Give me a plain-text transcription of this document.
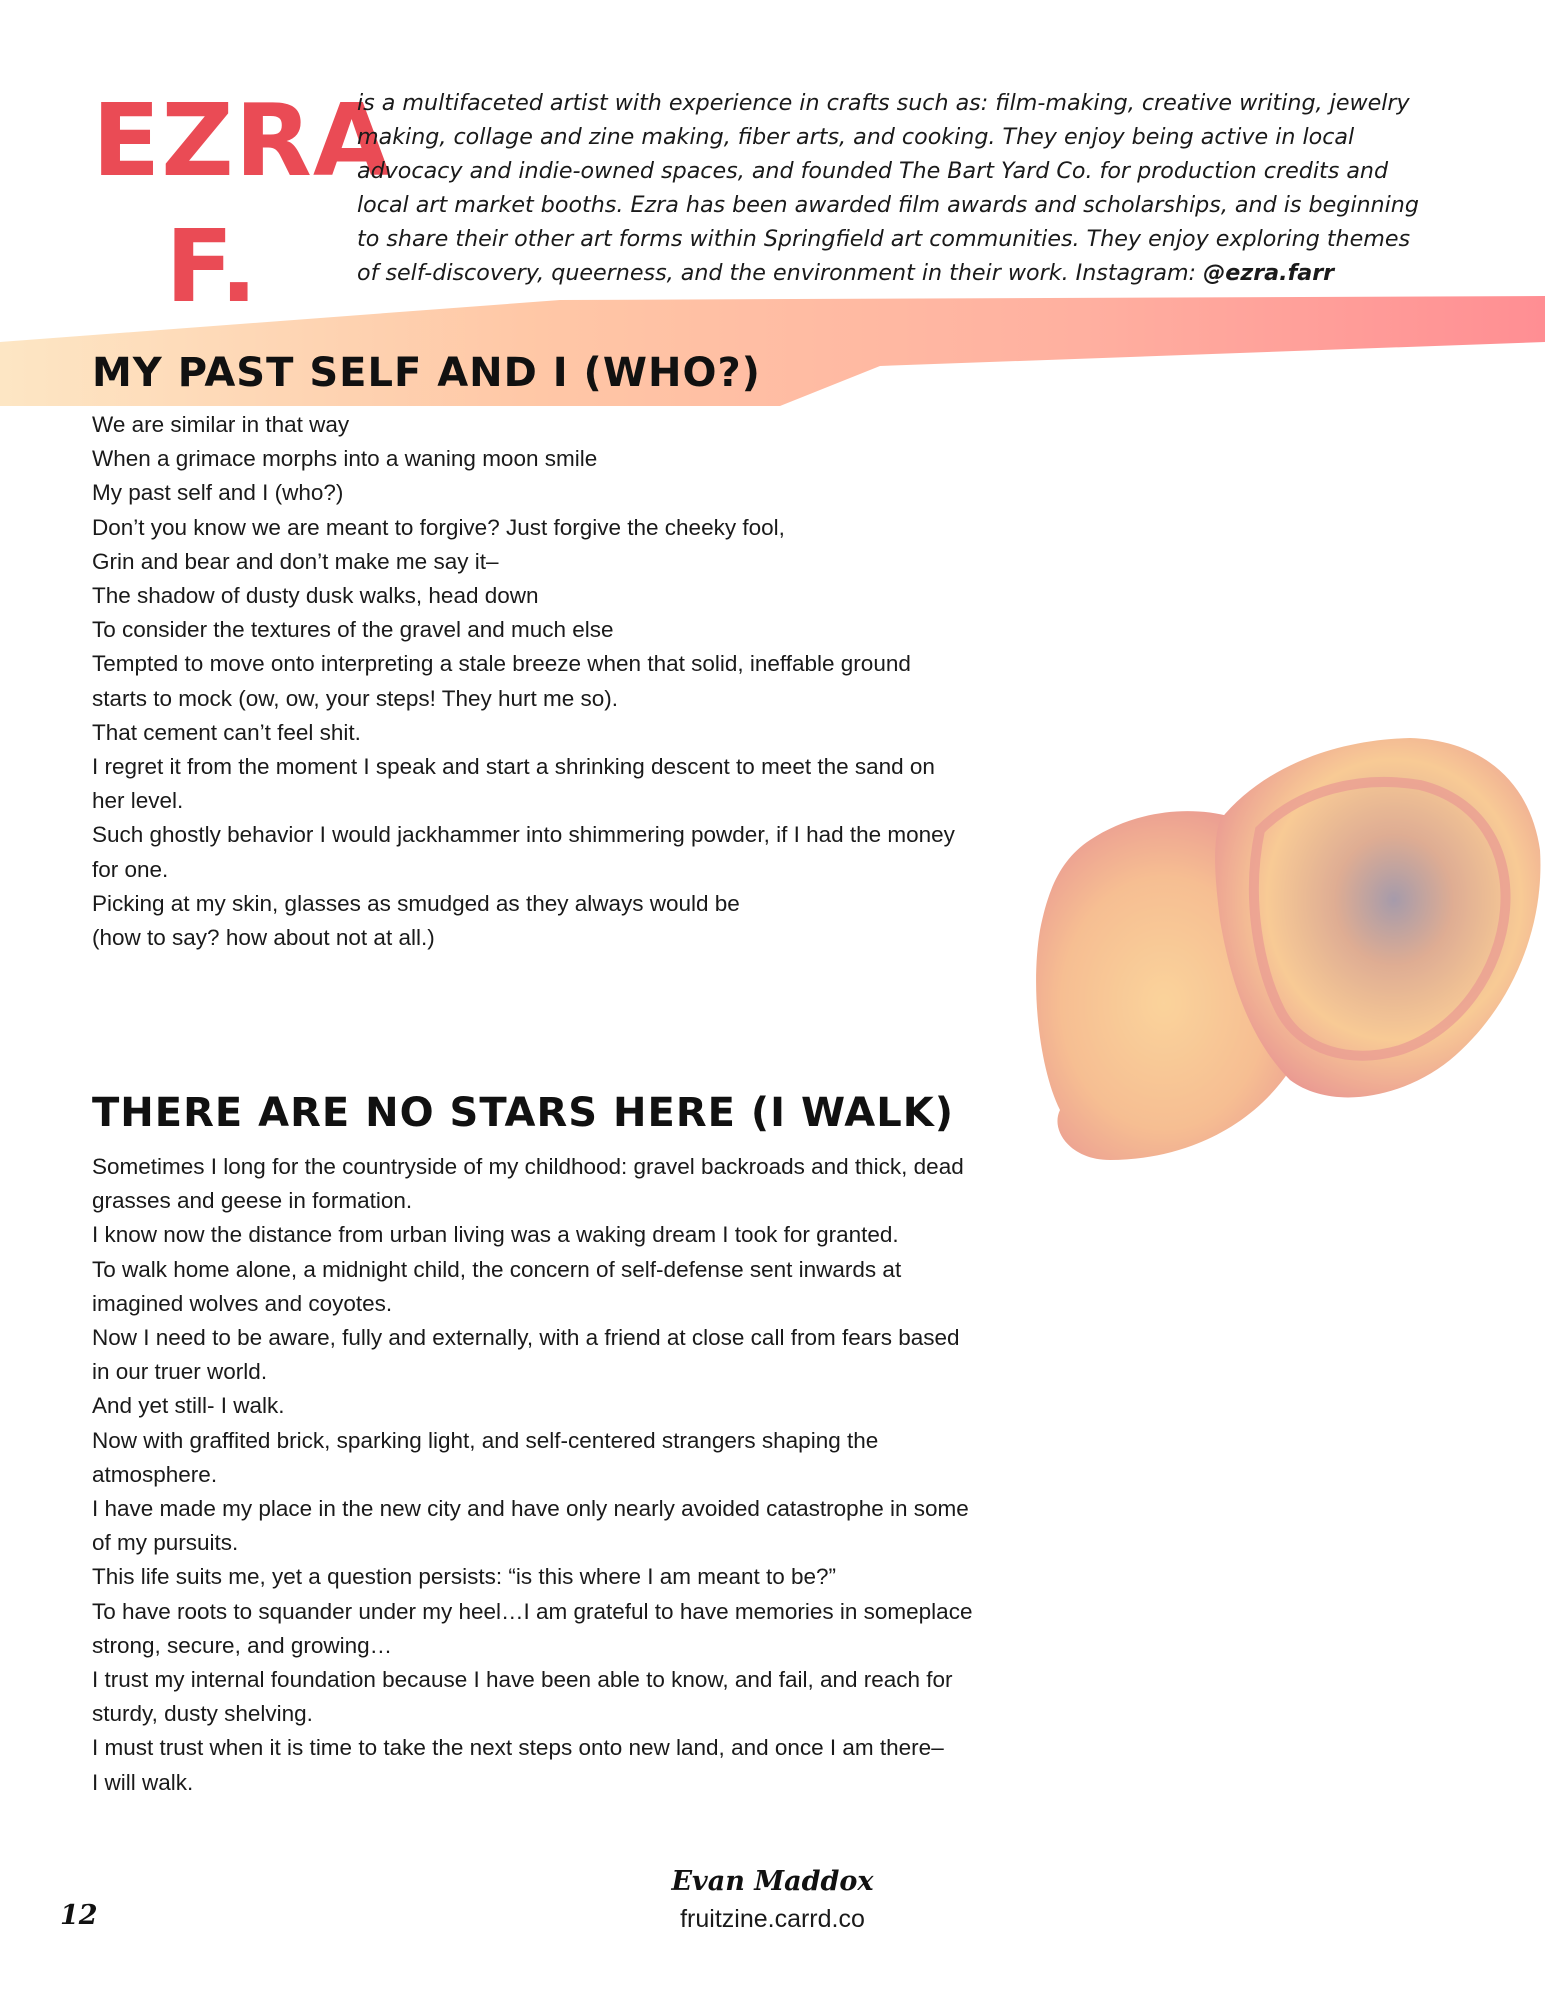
EZRA
F.
is a multifaceted artist with experience in crafts such as: film-making, creative writing, jewelry making, collage and zine making, fiber arts, and cooking. They enjoy being active in local advocacy and indie-owned spaces, and founded The Bart Yard Co. for production credits and local art market booths. Ezra has been awarded film awards and scholarships, and is beginning to share their other art forms within Springfield art communities. They enjoy exploring themes of self-discovery, queerness, and the environment in their work. Instagram: @ezra.farr
MY PAST SELF AND I (WHO?)
We are similar in that way
When a grimace morphs into a waning moon smile
My past self and I (who?)
Don’t you know we are meant to forgive? Just forgive the cheeky fool,
Grin and bear and don’t make me say it–
The shadow of dusty dusk walks, head down
To consider the textures of the gravel and much else
Tempted to move onto interpreting a stale breeze when that solid, ineffable ground
starts to mock (ow, ow, your steps! They hurt me so).
That cement can’t feel shit.
I regret it from the moment I speak and start a shrinking descent to meet the sand on
her level.
Such ghostly behavior I would jackhammer into shimmering powder, if I had the money
for one.
Picking at my skin, glasses as smudged as they always would be
(how to say? how about not at all.)
THERE ARE NO STARS HERE (I WALK)
Sometimes I long for the countryside of my childhood: gravel backroads and thick, dead
grasses and geese in formation.
I know now the distance from urban living was a waking dream I took for granted.
To walk home alone, a midnight child, the concern of self-defense sent inwards at
imagined wolves and coyotes.
Now I need to be aware, fully and externally, with a friend at close call from fears based
in our truer world.
And yet still- I walk.
Now with graffited brick, sparking light, and self-centered strangers shaping the
atmosphere.
I have made my place in the new city and have only nearly avoided catastrophe in some
of my pursuits.
This life suits me, yet a question persists: “is this where I am meant to be?”
To have roots to squander under my heel…I am grateful to have memories in someplace
strong, secure, and growing…
I trust my internal foundation because I have been able to know, and fail, and reach for
sturdy, dusty shelving.
I must trust when it is time to take the next steps onto new land, and once I am there–
I will walk.
Evan Maddox
fruitzine.carrd.co
12
